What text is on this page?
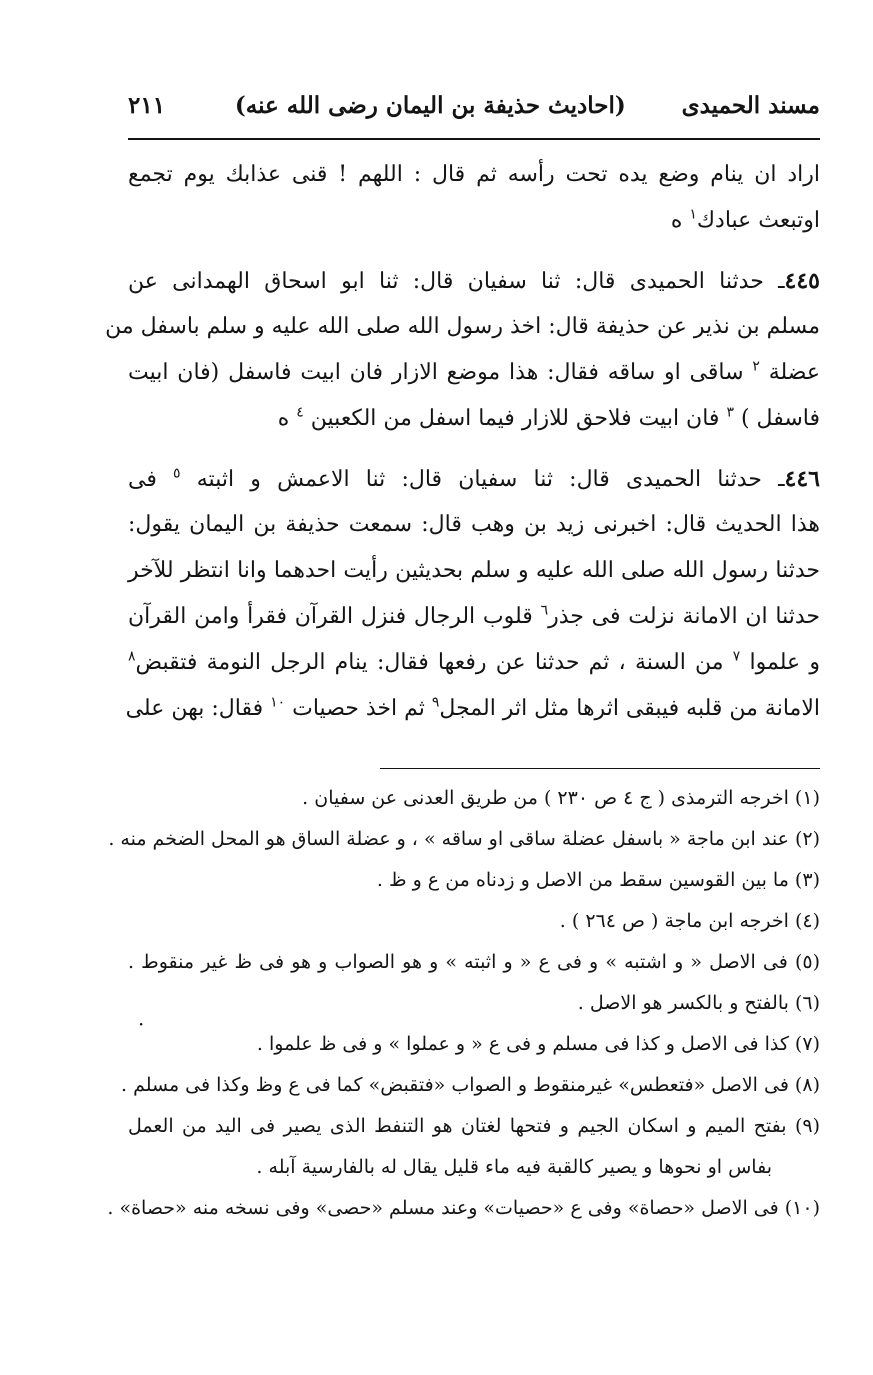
مسند الحميدى
(احاديث حذيفة بن اليمان رضى الله عنه)
٢١١
اراد ان ينام وضع يده تحت رأسه ثم قال : اللهم ! قنى عذابك يوم تجمع
اوتبعث عبادك$^١$ ه
٤٤٥ـ حدثنا الحميدى قال: ثنا سفيان قال: ثنا ابو اسحاق الهمدانى عن
مسلم بن نذير عن حذيفة قال: اخذ رسول الله صلى الله عليه و سلم باسفل من
عضلة $^٢$ ساقى او ساقه فقال: هذا موضع الازار فان ابيت فاسفل (فان ابيت
فاسفل ) $^٣$ فان ابيت فلاحق للازار فيما اسفل من الكعبين $^٤$ ه
٤٤٦ـ حدثنا الحميدى قال: ثنا سفيان قال: ثنا الاعمش و اثبته $^٥$ فى
هذا الحديث قال: اخبرنى زيد بن وهب قال: سمعت حذيفة بن اليمان يقول:
حدثنا رسول الله صلى الله عليه و سلم بحديثين رأيت احدهما وانا انتظر للآخر
حدثنا ان الامانة نزلت فى جذر$^٦$ قلوب الرجال فنزل القرآن فقرأ وامن القرآن
و علموا $^٧$ من السنة ، ثم حدثنا عن رفعها فقال: ينام الرجل النومة فتقبض$^٨$
الامانة من قلبه فيبقى اثرها مثل اثر المجل$^٩$ ثم اخذ حصيات $^{١٠}$ فقال: بهن على
(١) اخرجه الترمذى ( ج ٤ ص ٢٣٠ ) من طريق العدنى عن سفيان .
(٢) عند ابن ماجة « باسفل عضلة ساقى او ساقه » ، و عضلة الساق هو المحل الضخم منه .
(٣) ما بين القوسين سقط من الاصل و زدناه من ع و ظ .
(٤) اخرجه ابن ماجة ( ص ٢٦٤ ) .
(٥) فى الاصل « و اشتبه » و فى ع « و اثبته » و هو الصواب و هو فى ظ غير منقوط .
(٦) بالفتح و بالكسر هو الاصل .
(٧) كذا فى الاصل و كذا فى مسلم و فى ع « و عملوا » و فى ظ علموا .
(٨) فى الاصل «فتعطس» غيرمنقوط و الصواب «فتقبض» كما فى ع وظ وكذا فى مسلم .
(٩) بفتح الميم و اسكان الجيم و فتحها لغتان هو التنفط الذى يصير فى اليد من العمل
بفاس او نحوها و يصير كالقبة فيه ماء قليل يقال له بالفارسية آبله .
(١٠) فى الاصل «حصاة» وفى ع «حصيات» وعند مسلم «حصى» وفى نسخه منه «حصاة» .
·
